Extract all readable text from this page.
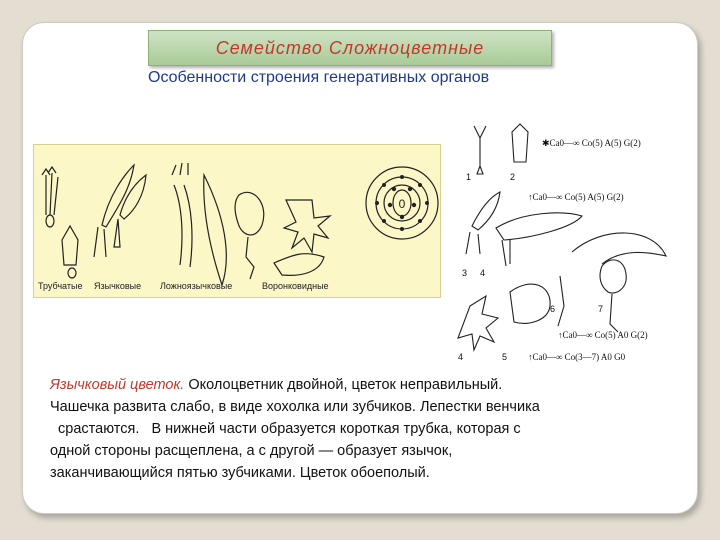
Семейство Сложноцветные
Особенности строения генеративных органов
0
Трубчатые Язычковые Ложноязычковые	Воронковидные
1	2
3 4
5
6	7
4
✱Ca0—∞ Co(5) A(5) G(2)
↑Ca0—∞ Co(5) A(5) G(2)
↑Ca0—∞ Co(5) A0 G(2)
↑Ca0—∞ Co(3—7) A0 G0
Язычковый цветок. Околоцветник двойной, цветок неправильный.
Чашечка развита слабо, в виде хохолка или зубчиков. Лепестки венчика
срастаются.   В нижней части образуется короткая трубка, которая с
одной стороны расщеплена, а с другой — образует язычок,
заканчивающийся пятью зубчиками. Цветок обоеполый.
